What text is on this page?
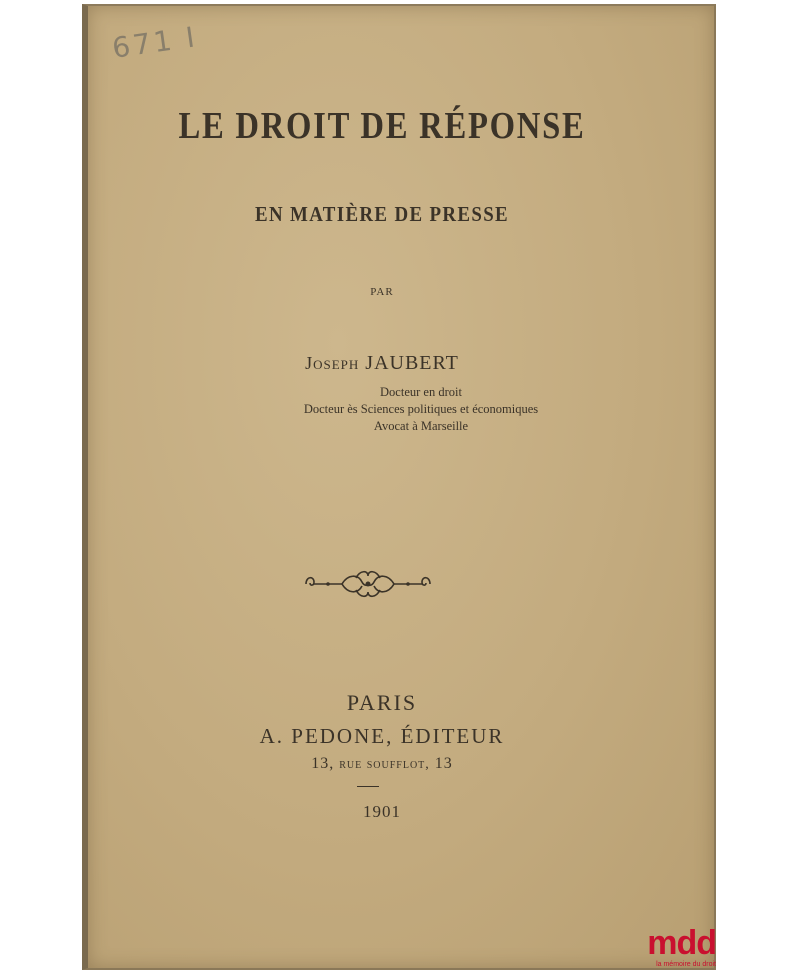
671 I
LE DROIT DE RÉPONSE
EN MATIÈRE DE PRESSE
PAR
Joseph JAUBERT
Docteur en droit
Docteur ès Sciences politiques et économiques
Avocat à Marseille
PARIS
A. PEDONE, ÉDITEUR
13, rue soufflot, 13
1901
mdd
la mémoire du droit
